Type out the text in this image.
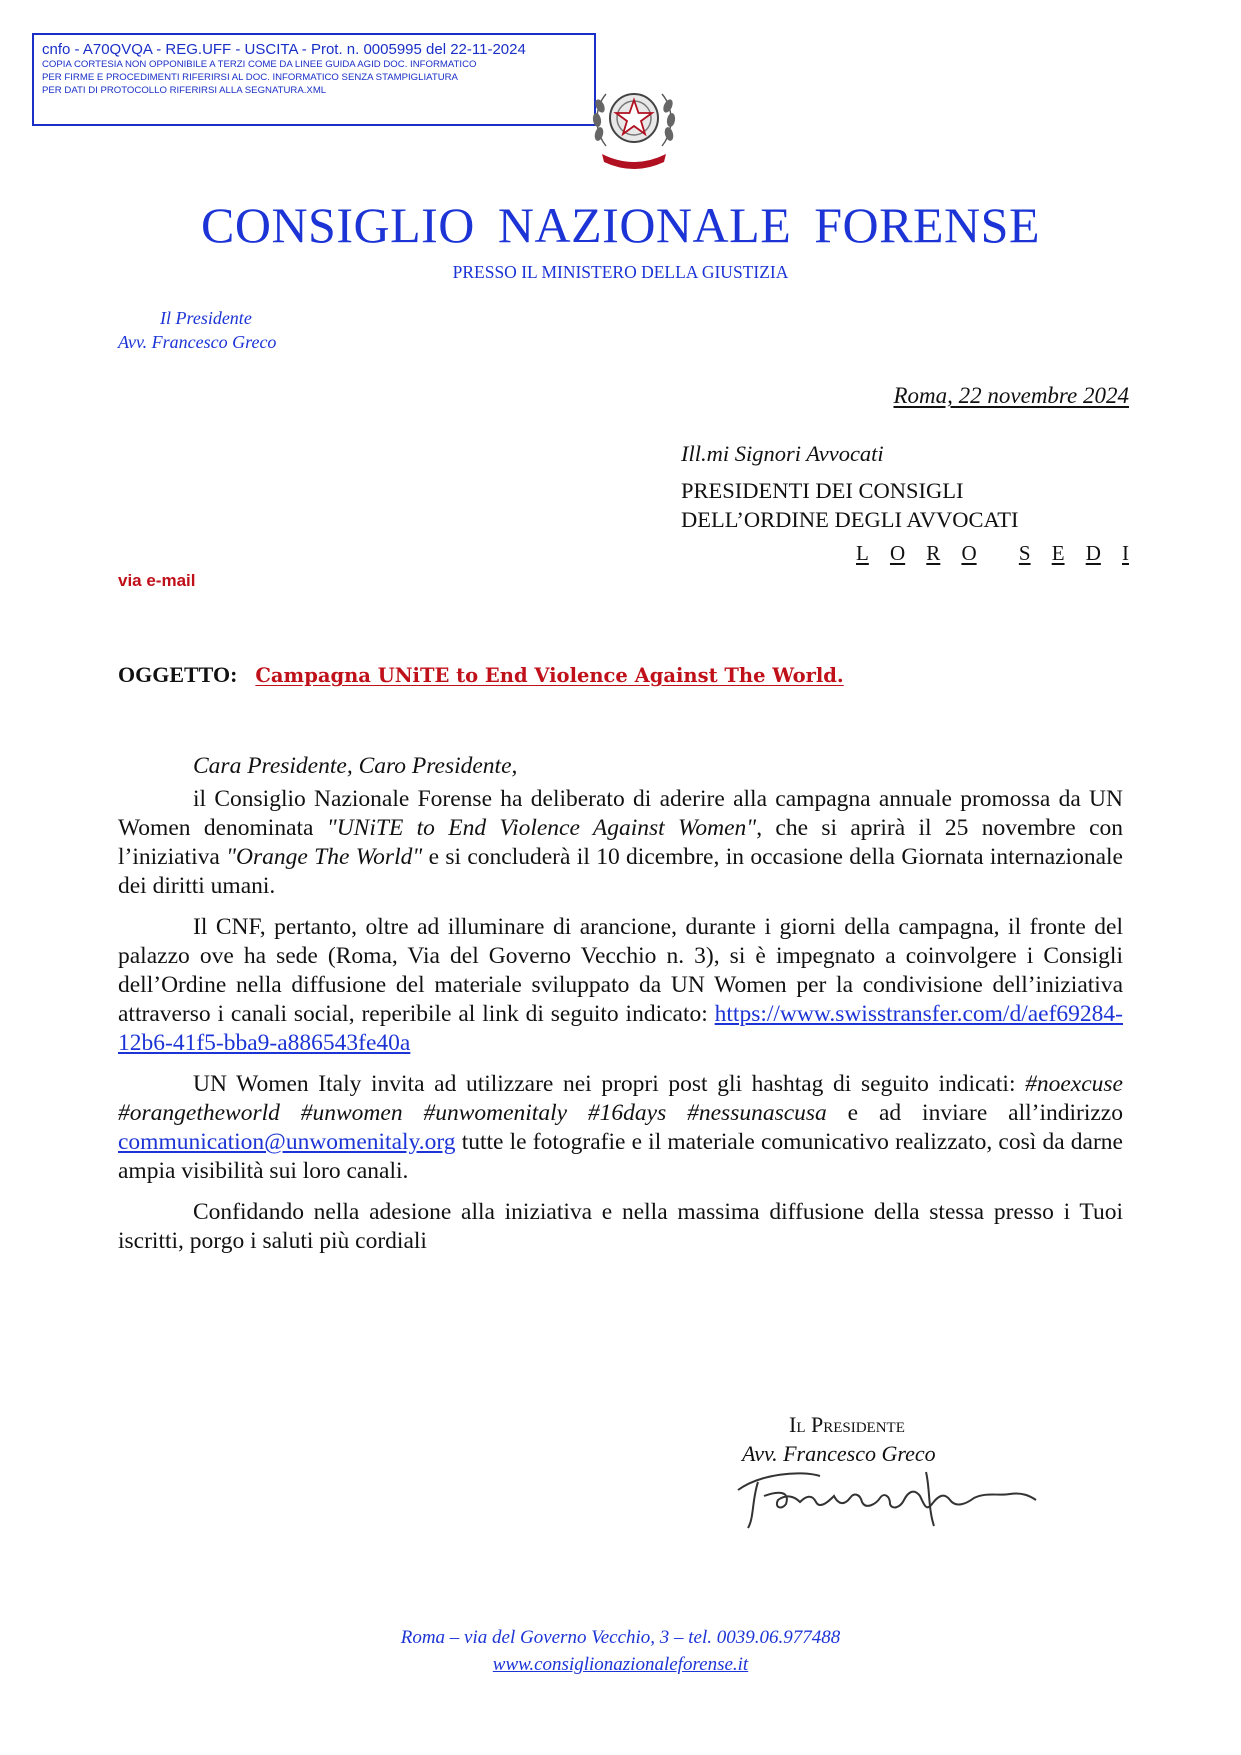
cnfo - A70QVQA - REG.UFF - USCITA - Prot. n. 0005995 del 22-11-2024
COPIA CORTESIA NON OPPONIBILE A TERZI COME DA LINEE GUIDA AGID DOC. INFORMATICO
PER FIRME E PROCEDIMENTI RIFERIRSI AL DOC. INFORMATICO SENZA STAMPIGLIATURA
PER DATI DI PROTOCOLLO RIFERIRSI ALLA SEGNATURA.XML
CONSIGLIO NAZIONALE FORENSE
PRESSO IL MINISTERO DELLA GIUSTIZIA
Il Presidente
Avv. Francesco Greco
Roma, 22 novembre 2024
Ill.mi Signori Avvocati
PRESIDENTI DEI CONSIGLI
DELL’ORDINE DEGLI AVVOCATI
L O R O S E D I
via e-mail
OGGETTO: Campagna UNiTE to End Violence Against The World.

Cara Presidente, Caro Presidente,

il Consiglio Nazionale Forense ha deliberato di aderire alla campagna annuale promossa da UN Women denominata "UNiTE to End Violence Against Women", che si aprirà il 25 novembre con l’iniziativa "Orange The World" e si concluderà il 10 dicembre, in occasione della Giornata internazionale dei diritti umani.

Il CNF, pertanto, oltre ad illuminare di arancione, durante i giorni della campagna, il fronte del palazzo ove ha sede (Roma, Via del Governo Vecchio n. 3), si è impegnato a coinvolgere i Consigli dell’Ordine nella diffusione del materiale sviluppato da UN Women per la condivisione dell’iniziativa attraverso i canali social, reperibile al link di seguito indicato: https://www.swisstransfer.com/d/aef69284-12b6-41f5-bba9-a886543fe40a

UN Women Italy invita ad utilizzare nei propri post gli hashtag di seguito indicati: #noexcuse #orangetheworld #unwomen #unwomenitaly #16days #nessunascusa e ad inviare all’indirizzo communication@unwomenitaly.org tutte le fotografie e il materiale comunicativo realizzato, così da darne ampia visibilità sui loro canali.

Confidando nella adesione alla iniziativa e nella massima diffusione della stessa presso i Tuoi iscritti, porgo i saluti più cordiali

Il Presidente
Avv. Francesco Greco
Roma – via del Governo Vecchio, 3 – tel. 0039.06.977488
www.consiglionazionaleforense.it
